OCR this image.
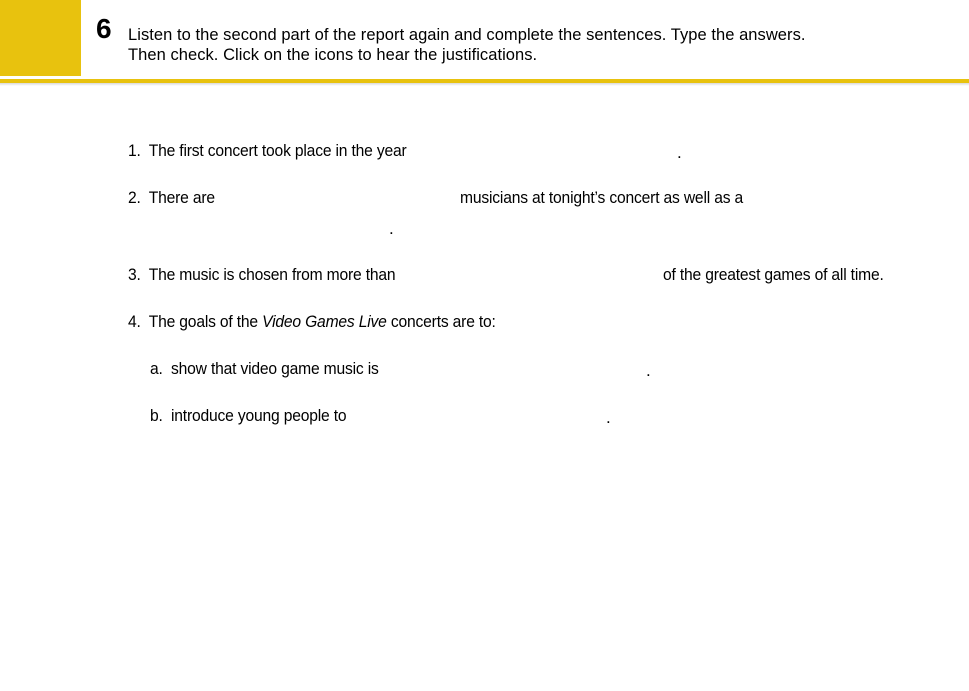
6 Listen to the second part of the report again and complete the sentences. Type the answers.
Then check. Click on the icons to hear the justifications.
1. The first concert took place in the year	.
2. There are	musicians at tonight’s concert as well as a
.
3. The music is chosen from more than	of the greatest games of all time.
4. The goals of the Video Games Live concerts are to:
a. show that video game music is	.
b. introduce young people to	.
